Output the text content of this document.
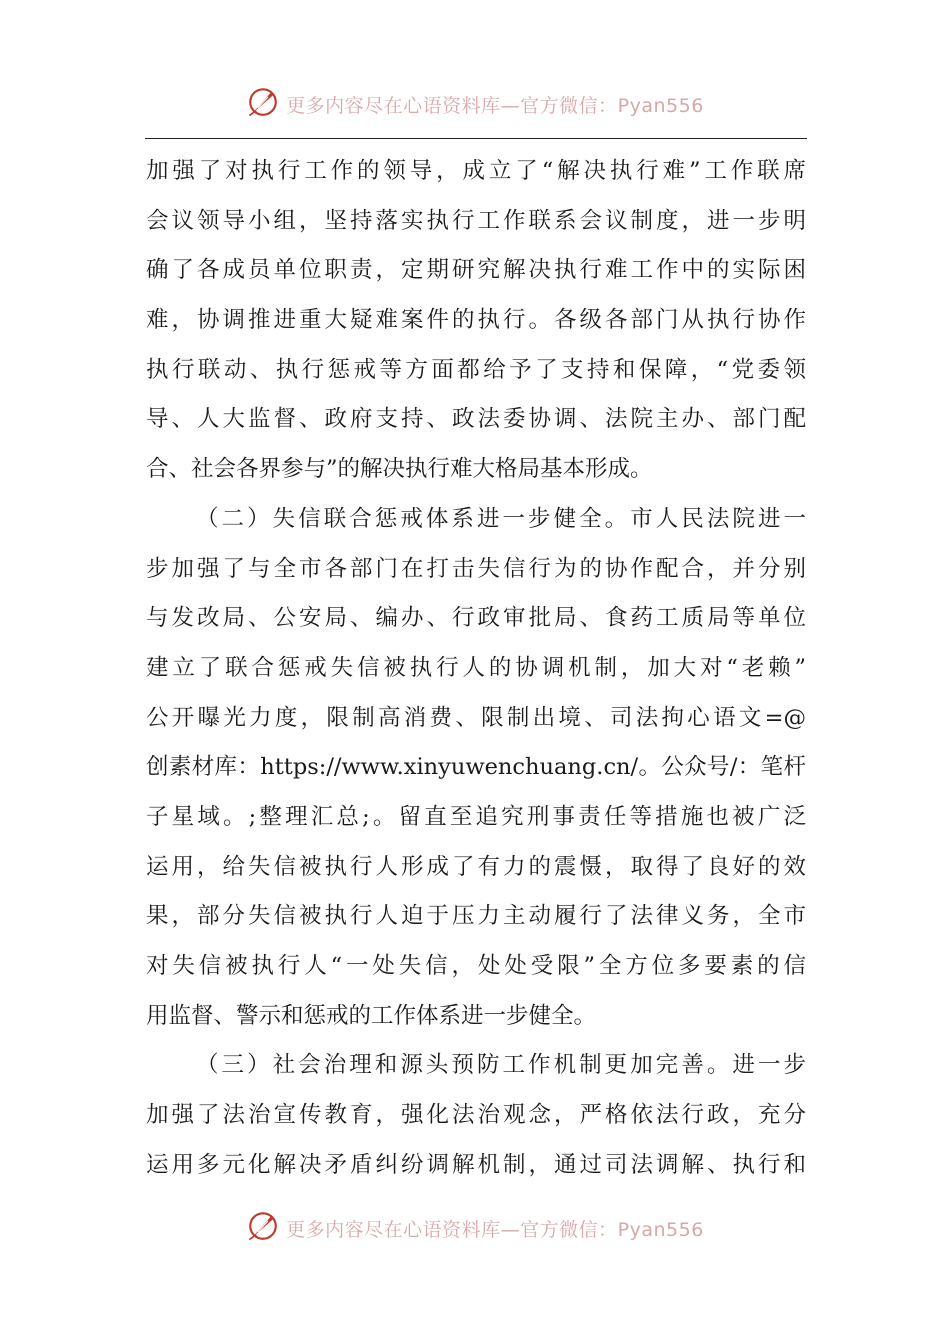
更多内容尽在心语资料库—官方微信：Pyan556
加强了对执行工作的领导，成立了“解决执行难”工作联席
会议领导小组，坚持落实执行工作联系会议制度，进一步明
确了各成员单位职责，定期研究解决执行难工作中的实际困
难，协调推进重大疑难案件的执行。各级各部门从执行协作
执行联动、执行惩戒等方面都给予了支持和保障，“党委领
导、人大监督、政府支持、政法委协调、法院主办、部门配
合、社会各界参与”的解决执行难大格局基本形成。
（二）失信联合惩戒体系进一步健全。市人民法院进一
步加强了与全市各部门在打击失信行为的协作配合，并分别
与发改局、公安局、编办、行政审批局、食药工质局等单位
建立了联合惩戒失信被执行人的协调机制，加大对“老赖”
公开曝光力度，限制高消费、限制出境、司法拘心语文=@
创素材库：https://www.xinyuwenchuang.cn/。公众号/：笔杆
子星域。;整理汇总;。留直至追究刑事责任等措施也被广泛
运用，给失信被执行人形成了有力的震慑，取得了良好的效
果，部分失信被执行人迫于压力主动履行了法律义务，全市
对失信被执行人“一处失信，处处受限”全方位多要素的信
用监督、警示和惩戒的工作体系进一步健全。
（三）社会治理和源头预防工作机制更加完善。进一步
加强了法治宣传教育，强化法治观念，严格依法行政，充分
运用多元化解决矛盾纠纷调解机制，通过司法调解、执行和
更多内容尽在心语资料库—官方微信：Pyan556
